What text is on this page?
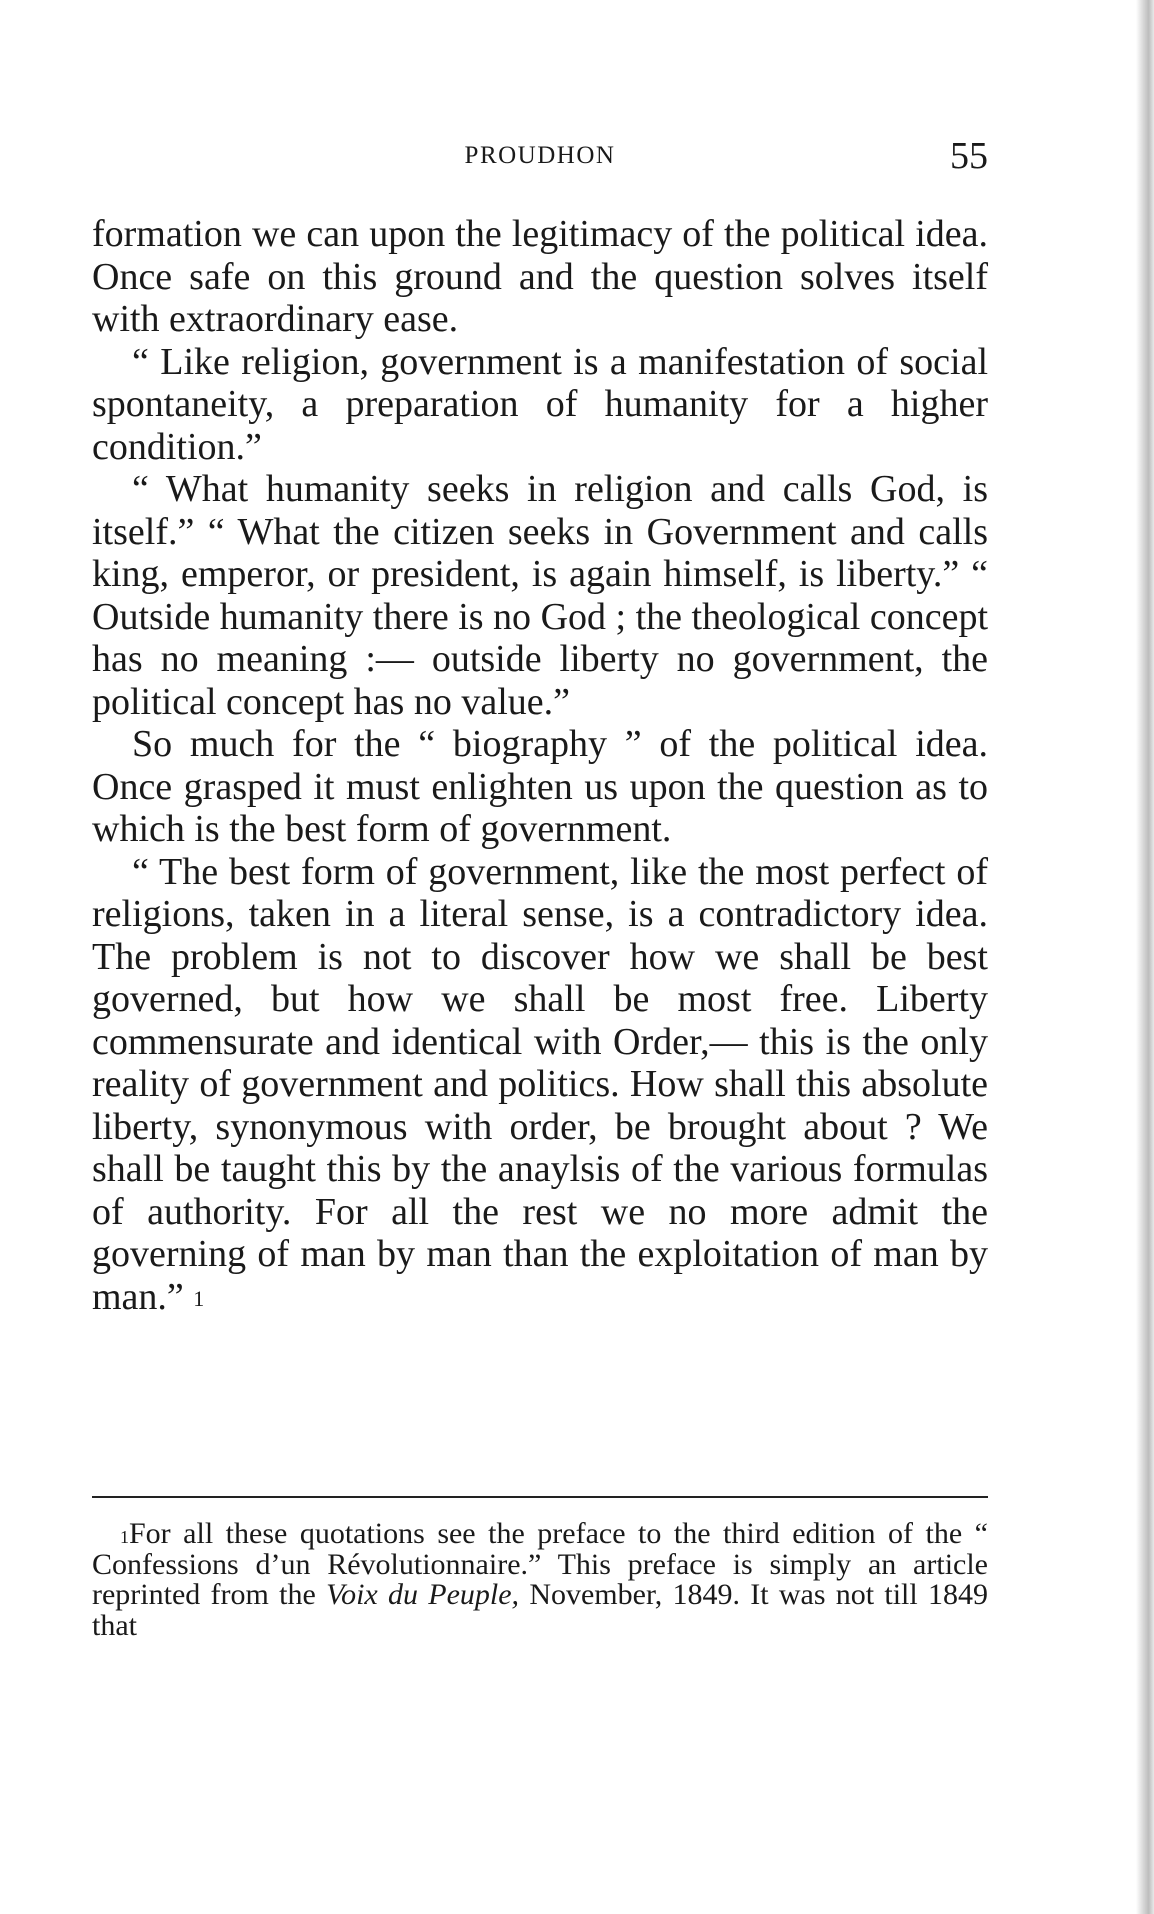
PROUDHON	55

formation we can upon the legitimacy of the political idea. Once safe on this ground and the question solves itself with extraordinary ease.

“ Like religion, government is a manifestation of social spontaneity, a preparation of humanity for a higher condition.”

“ What humanity seeks in religion and calls God, is itself.” “ What the citizen seeks in Government and calls king, emperor, or president, is again himself, is liberty.” “ Outside humanity there is no God ; the theological concept has no meaning :— outside liberty no government, the political concept has no value.”

So much for the “ biography ” of the political idea. Once grasped it must enlighten us upon the question as to which is the best form of government.

“ The best form of government, like the most perfect of religions, taken in a literal sense, is a contradictory idea. The problem is not to discover how we shall be best governed, but how we shall be most free. Liberty commensurate and identical with Order,— this is the only reality of government and politics. How shall this absolute liberty, synonymous with order, be brought about ? We shall be taught this by the anaylsis of the various formulas of authority. For all the rest we no more admit the governing of man by man than the exploitation of man by man.” $^1$

$^1$For all these quotations see the preface to the third edition of the “ Confessions d’un Révolutionnaire.” This preface is simply an article reprinted from the Voix du Peuple, November, 1849. It was not till 1849 that
